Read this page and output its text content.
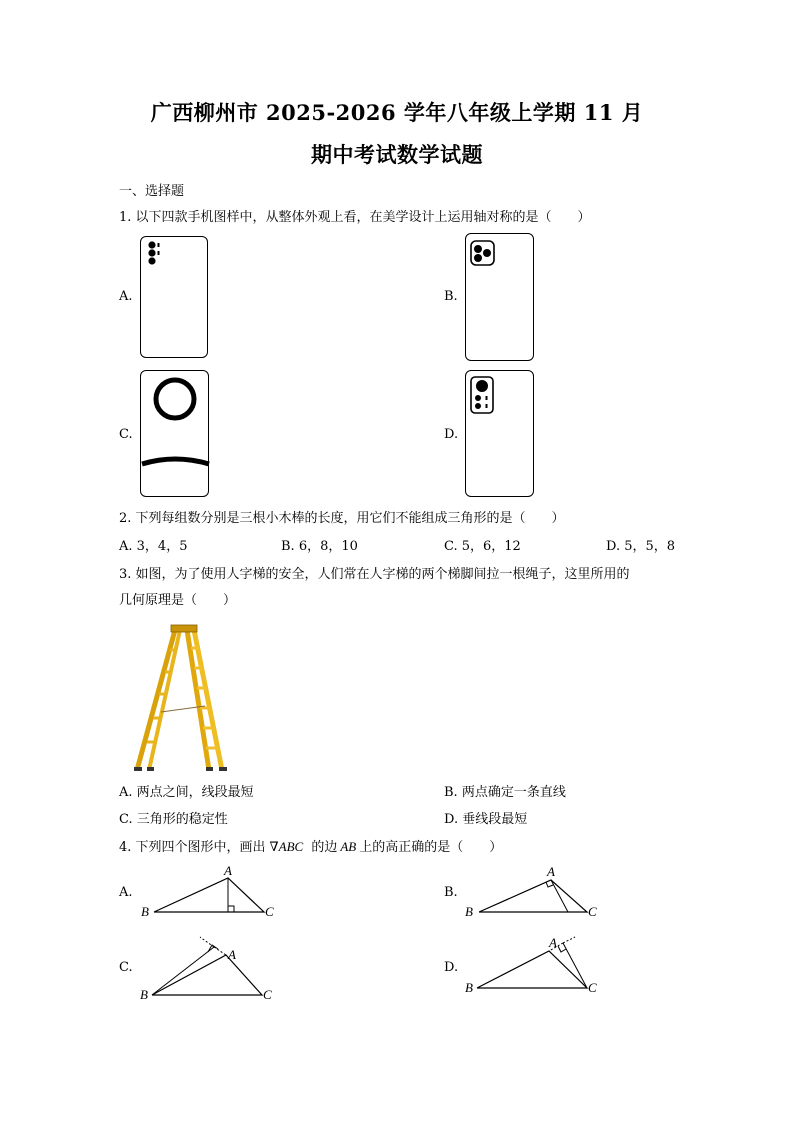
广西柳州市 2025-2026 学年八年级上学期 11 月
期中考试数学试题
一、选择题
1. 以下四款手机图样中，从整体外观上看，在美学设计上运用轴对称的是（　　）
A.	B.
C.	D.
2. 下列每组数分别是三根小木棒的长度，用它们不能组成三角形的是（　　）
A. 3，4，5	B. 6，8，10	C. 5，6，12	D. 5，5，8
3. 如图，为了使用人字梯的安全，人们常在人字梯的两个梯脚间拉一根绳子，这里所用的
几何原理是（　　）
A. 两点之间，线段最短	B. 两点确定一条直线
C. 三角形的稳定性	D. 垂线段最短
4. 下列四个图形中，画出 ∇ABC 的边 AB 上的高正确的是（　　）
A.
A
B	C
B.
A
B	C
C.
A
B	C
D.
A
B	C
